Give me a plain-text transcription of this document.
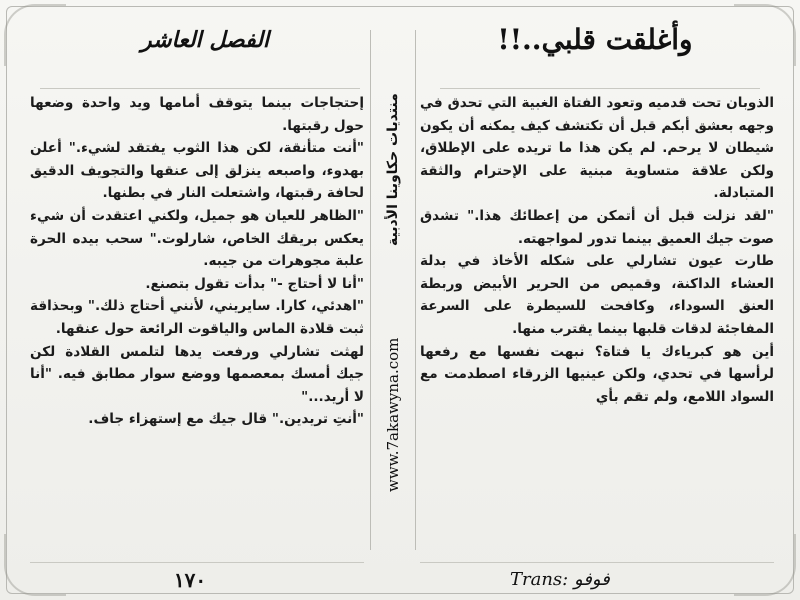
وأغلقت قلبي..!!

الذوبان تحت قدميه وتعود الفتاة الغبية التي تحدق في وجهه بعشق أبكم قبل أن تكتشف كيف يمكنه أن يكون شيطان لا يرحم. لم يكن هذا ما تريده على الإطلاق، ولكن علاقة متساوية مبنية على الإحترام والثقة المتبادلة.

"لقد نزلت قبل أن أتمكن من إعطائك هذا." تشدق صوت جيك العميق بينما تدور لمواجهته.

طارت عيون تشارلي على شكله الأخاذ في بدلة العشاء الداكنة، وقميص من الحرير الأبيض وربطة العنق السوداء، وكافحت للسيطرة على السرعة المفاجئة لدقات قلبها بينما يقترب منها.

أين هو كبرياءك يا فتاة؟ نبهت نفسها مع رفعها لرأسها في تحدي، ولكن عينيها الزرقاء اصطدمت مع السواد اللامع، ولم تقم بأي

منتديات حكاوينا الأدبية
www.7akawyna.com
الفصل العاشر

إحتجاجات بينما يتوقف أمامها ويد واحدة وضعها حول رقبتها.

"أنت متأنقة، لكن هذا الثوب يفتقد لشيء." أعلن بهدوء، واصبعه ينزلق إلى عنقها والتجويف الدقيق لحافة رقبتها، واشتعلت النار في بطنها.

"الظاهر للعيان هو جميل، ولكني اعتقدت أن شيء يعكس بريقك الخاص، شارلوت." سحب بيده الحرة علبة مجوهرات من جيبه.

"أنا لا أحتاج -" بدأت تقول بتصنع.

"اهدئي، كارا. سايريني، لأنني أحتاج ذلك." وبحذاقة ثبت قلادة الماس والياقوت الرائعة حول عنقها.

لهثت تشارلي ورفعت يدها لتلمس القلادة لكن جيك أمسك بمعصمها ووضع سوار مطابق فيه. "أنا لا أريد..."

"أنتِ تريدين." قال جيك مع إستهزاء جاف.

١٧٠	Trans: فوفو
